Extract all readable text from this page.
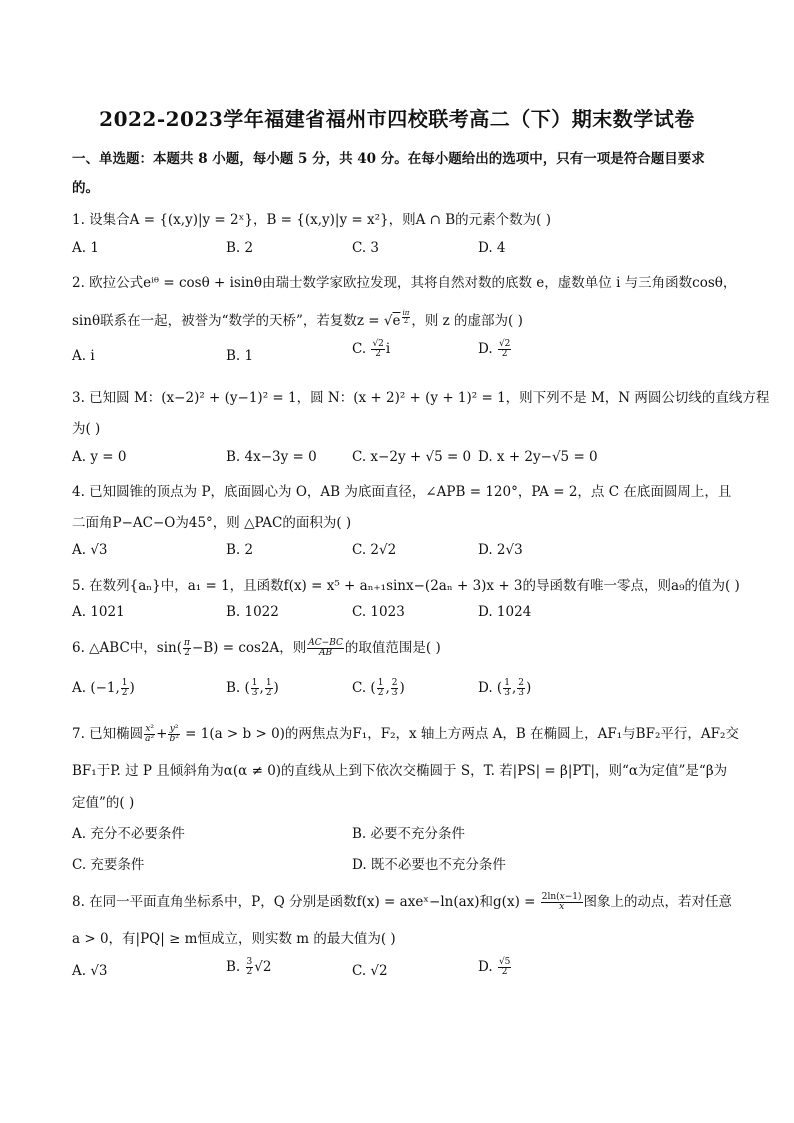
2022-2023学年福建省福州市四校联考高二（下）期末数学试卷
一、单选题：本题共 8 小题，每小题 5 分，共 40 分。在每小题给出的选项中，只有一项是符合题目要求
的。
1. 设集合A = {(x,y)|y = 2ˣ}，B = {(x,y)|y = x²}，则A ∩ B的元素个数为( )
A. 1	B. 2	C. 3	D. 4
2. 欧拉公式eⁱᶿ = cosθ + isinθ由瑞士数学家欧拉发现，其将自然对数的底数 e，虚数单位 i 与三角函数cosθ，
sinθ联系在一起，被誉为“数学的天桥”，若复数z = √e $^{\frac{i\pi}{2}}$ ，则 z 的虚部为( )
A. i	B. 1	C. $\frac{√2}{2}$ i	D. $\frac{√2}{2}$
3. 已知圆 M：(x−2)² + (y−1)² = 1，圆 N：(x + 2)² + (y + 1)² = 1，则下列不是 M，N 两圆公切线的直线方程
为( )
A. y = 0	B. 4x−3y = 0	C. x−2y + √5 = 0 D. x + 2y−√5 = 0
4. 已知圆锥的顶点为 P，底面圆心为 O，AB 为底面直径，∠APB = 120°，PA = 2，点 C 在底面圆周上，且
二面角P−AC−O为45°，则 △PAC的面积为( )
A. √3	B. 2	C. 2√2	D. 2√3
5. 在数列{aₙ}中，a₁ = 1，且函数f(x) = x⁵ + aₙ₊₁sinx−(2aₙ + 3)x + 3的导函数有唯一零点，则a₉的值为( )
A. 1021	B. 1022	C. 1023	D. 1024
6. △ABC中，$\sin( \frac{\pi}{2} -B) = \cos 2A$，则 $\frac{AC-BC}{AB}$ 的取值范围是( )
A. (−1, $\frac{1}{2}$ )	B. ( $\frac{1}{3}$ , $\frac{1}{2}$ )	C. ( $\frac{1}{2}$ , $\frac{2}{3}$ )	D. ( $\frac{1}{3}$ , $\frac{2}{3}$ )
7. 已知椭圆 $\frac{\text{x²}}{\text{a²}} + \frac{\text{y²}}{\text{b²}} = 1(a > b > 0)$的两焦点为F₁，F₂，x 轴上方两点 A，B 在椭圆上，AF₁与BF₂平行，AF₂交
BF₁于P. 过 P 且倾斜角为α(α ≠ 0)的直线从上到下依次交椭圆于 S，T. 若|PS| = β|PT|，则“α为定值”是“β为
定值”的( )
A. 充分不必要条件	B. 必要不充分条件
C. 充要条件	D. 既不必要也不充分条件
8. 在同一平面直角坐标系中，P，Q 分别是函数f(x) = axeˣ−ln(ax)和$g(x) = \frac{2\ln(x-1)}{x}$ 图象上的动点，若对任意
a > 0，有|PQ| ≥ m恒成立，则实数 m 的最大值为( )
A. √3	B. $\frac{3}{2} √2$	C. √2	D. $\frac{√5}{2}$
